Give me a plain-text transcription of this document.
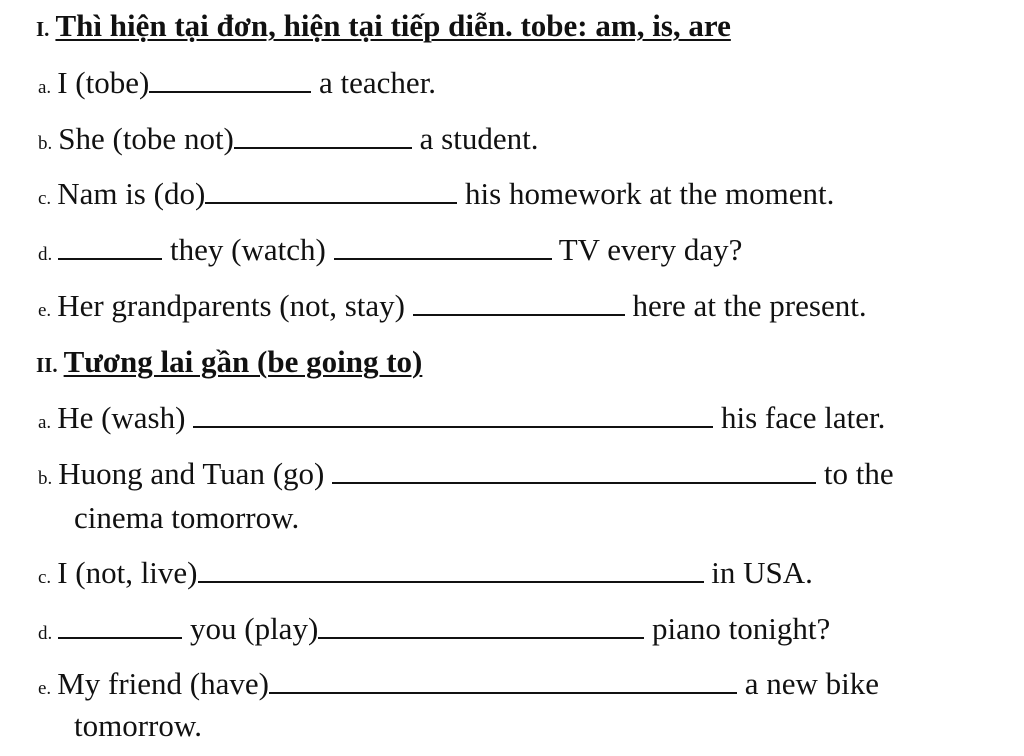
I. Thì hiện tại đơn, hiện tại tiếp diễn. tobe: am, is, are
a. I (tobe)	a teacher.
b. She (tobe not)	a student.
c. Nam is (do)	his homework at the moment.
d.	they (watch)	TV every day?
e. Her grandparents (not, stay)	here at the present.
II. Tương lai gần (be going to)
a. He (wash)	his face later.
b. Huong and Tuan (go)	to the
cinema tomorrow.
c. I (not, live)	in USA.
d.	you (play)	piano tonight?
e. My friend (have)	a new bike
tomorrow.
